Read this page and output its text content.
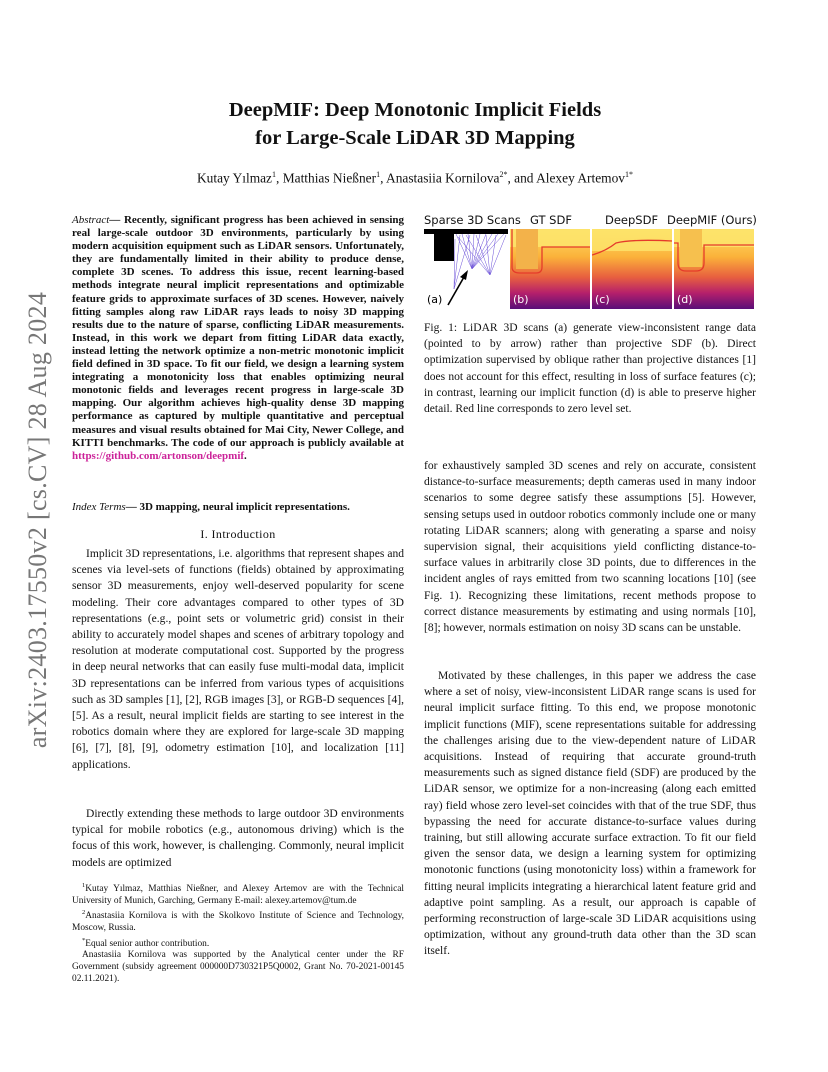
arXiv:2403.17550v2 [cs.CV] 28 Aug 2024
DeepMIF: Deep Monotonic Implicit Fields
for Large-Scale LiDAR 3D Mapping
Kutay Yılmaz$^1$, Matthias Nießner$^1$, Anastasiia Kornilova$^{2*}$, and Alexey Artemov$^{1*}$
Abstract— Recently, significant progress has been achieved in sensing real large-scale outdoor 3D environments, particularly by using modern acquisition equipment such as LiDAR sensors. Unfortunately, they are fundamentally limited in their ability to produce dense, complete 3D scenes. To address this issue, recent learning-based methods integrate neural implicit representations and optimizable feature grids to approximate surfaces of 3D scenes. However, naively fitting samples along raw LiDAR rays leads to noisy 3D mapping results due to the nature of sparse, conflicting LiDAR measurements. Instead, in this work we depart from fitting LiDAR data exactly, instead letting the network optimize a non-metric monotonic implicit field defined in 3D space. To fit our field, we design a learning system integrating a monotonicity loss that enables optimizing neural monotonic fields and leverages recent progress in large-scale 3D mapping. Our algorithm achieves high-quality dense 3D mapping performance as captured by multiple quantitative and perceptual measures and visual results obtained for Mai City, Newer College, and KITTI benchmarks. The code of our approach is publicly available at https://github.com/artonson/deepmif.
Index Terms— 3D mapping, neural implicit representations.
I. Introduction
Implicit 3D representations, i.e. algorithms that represent shapes and scenes via level-sets of functions (fields) obtained by approximating sensor 3D measurements, enjoy well-deserved popularity for scene modeling. Their core advantages compared to other types of 3D representations (e.g., point sets or volumetric grid) consist in their ability to accurately model shapes and scenes of arbitrary topology and resolution at moderate computational cost. Supported by the progress in deep neural networks that can easily fuse multi-modal data, implicit 3D representations can be inferred from various types of acquisitions such as 3D samples [1], [2], RGB images [3], or RGB-D sequences [4], [5]. As a result, neural implicit fields are starting to see interest in the robotics domain where they are explored for large-scale 3D mapping [6], [7], [8], [9], odometry estimation [10], and localization [11] applications.
Directly extending these methods to large outdoor 3D environments typical for mobile robotics (e.g., autonomous driving) which is the focus of this work, however, is challenging. Commonly, neural implicit models are optimized
$^1$Kutay Yılmaz, Matthias Nießner, and Alexey Artemov are with the Technical University of Munich, Garching, Germany E-mail: alexey.artemov@tum.de
$^2$Anastasiia Kornilova is with the Skolkovo Institute of Science and Technology, Moscow, Russia.
*Equal senior author contribution.
Anastasiia Kornilova was supported by the Analytical center under the RF Government (subsidy agreement 000000D730321P5Q0002, Grant No. 70-2021-00145 02.11.2021).
Sparse 3D Scans GT SDF	DeepSDF DeepMIF (Ours)
(a)	(b)	(c)	(d)
Fig. 1: LiDAR 3D scans (a) generate view-inconsistent range data (pointed to by arrow) rather than projective SDF (b). Direct optimization supervised by oblique rather than projective distances [1] does not account for this effect, resulting in loss of surface features (c); in contrast, learning our implicit function (d) is able to preserve higher detail. Red line corresponds to zero level set.
for exhaustively sampled 3D scenes and rely on accurate, consistent distance-to-surface measurements; depth cameras used in many indoor scenarios to some degree satisfy these assumptions [5]. However, sensing setups used in outdoor robotics commonly include one or many rotating LiDAR scanners; along with generating a sparse and noisy supervision signal, their acquisitions yield conflicting distance-to-surface values in arbitrarily close 3D points, due to differences in the incident angles of rays emitted from two scanning locations [10] (see Fig. 1). Recognizing these limitations, recent methods propose to correct distance measurements by estimating and using normals [10], [8]; however, normals estimation on noisy 3D scans can be unstable.
Motivated by these challenges, in this paper we address the case where a set of noisy, view-inconsistent LiDAR range scans is used for neural implicit surface fitting. To this end, we propose monotonic implicit functions (MIF), scene representations suitable for addressing the challenges arising due to the view-dependent nature of LiDAR acquisitions. Instead of requiring that accurate ground-truth measurements such as signed distance field (SDF) are produced by the LiDAR sensor, we optimize for a non-increasing (along each emitted ray) field whose zero level-set coincides with that of the true SDF, thus bypassing the need for accurate distance-to-surface values during training, but still allowing accurate surface extraction. To fit our field given the sensor data, we design a learning system for optimizing monotonic functions (using monotonicity loss) within a framework for fitting neural implicits integrating a hierarchical latent feature grid and adaptive point sampling. As a result, our approach is capable of performing reconstruction of large-scale 3D LiDAR acquisitions using optimization, without any ground-truth data other than the 3D scan itself.
